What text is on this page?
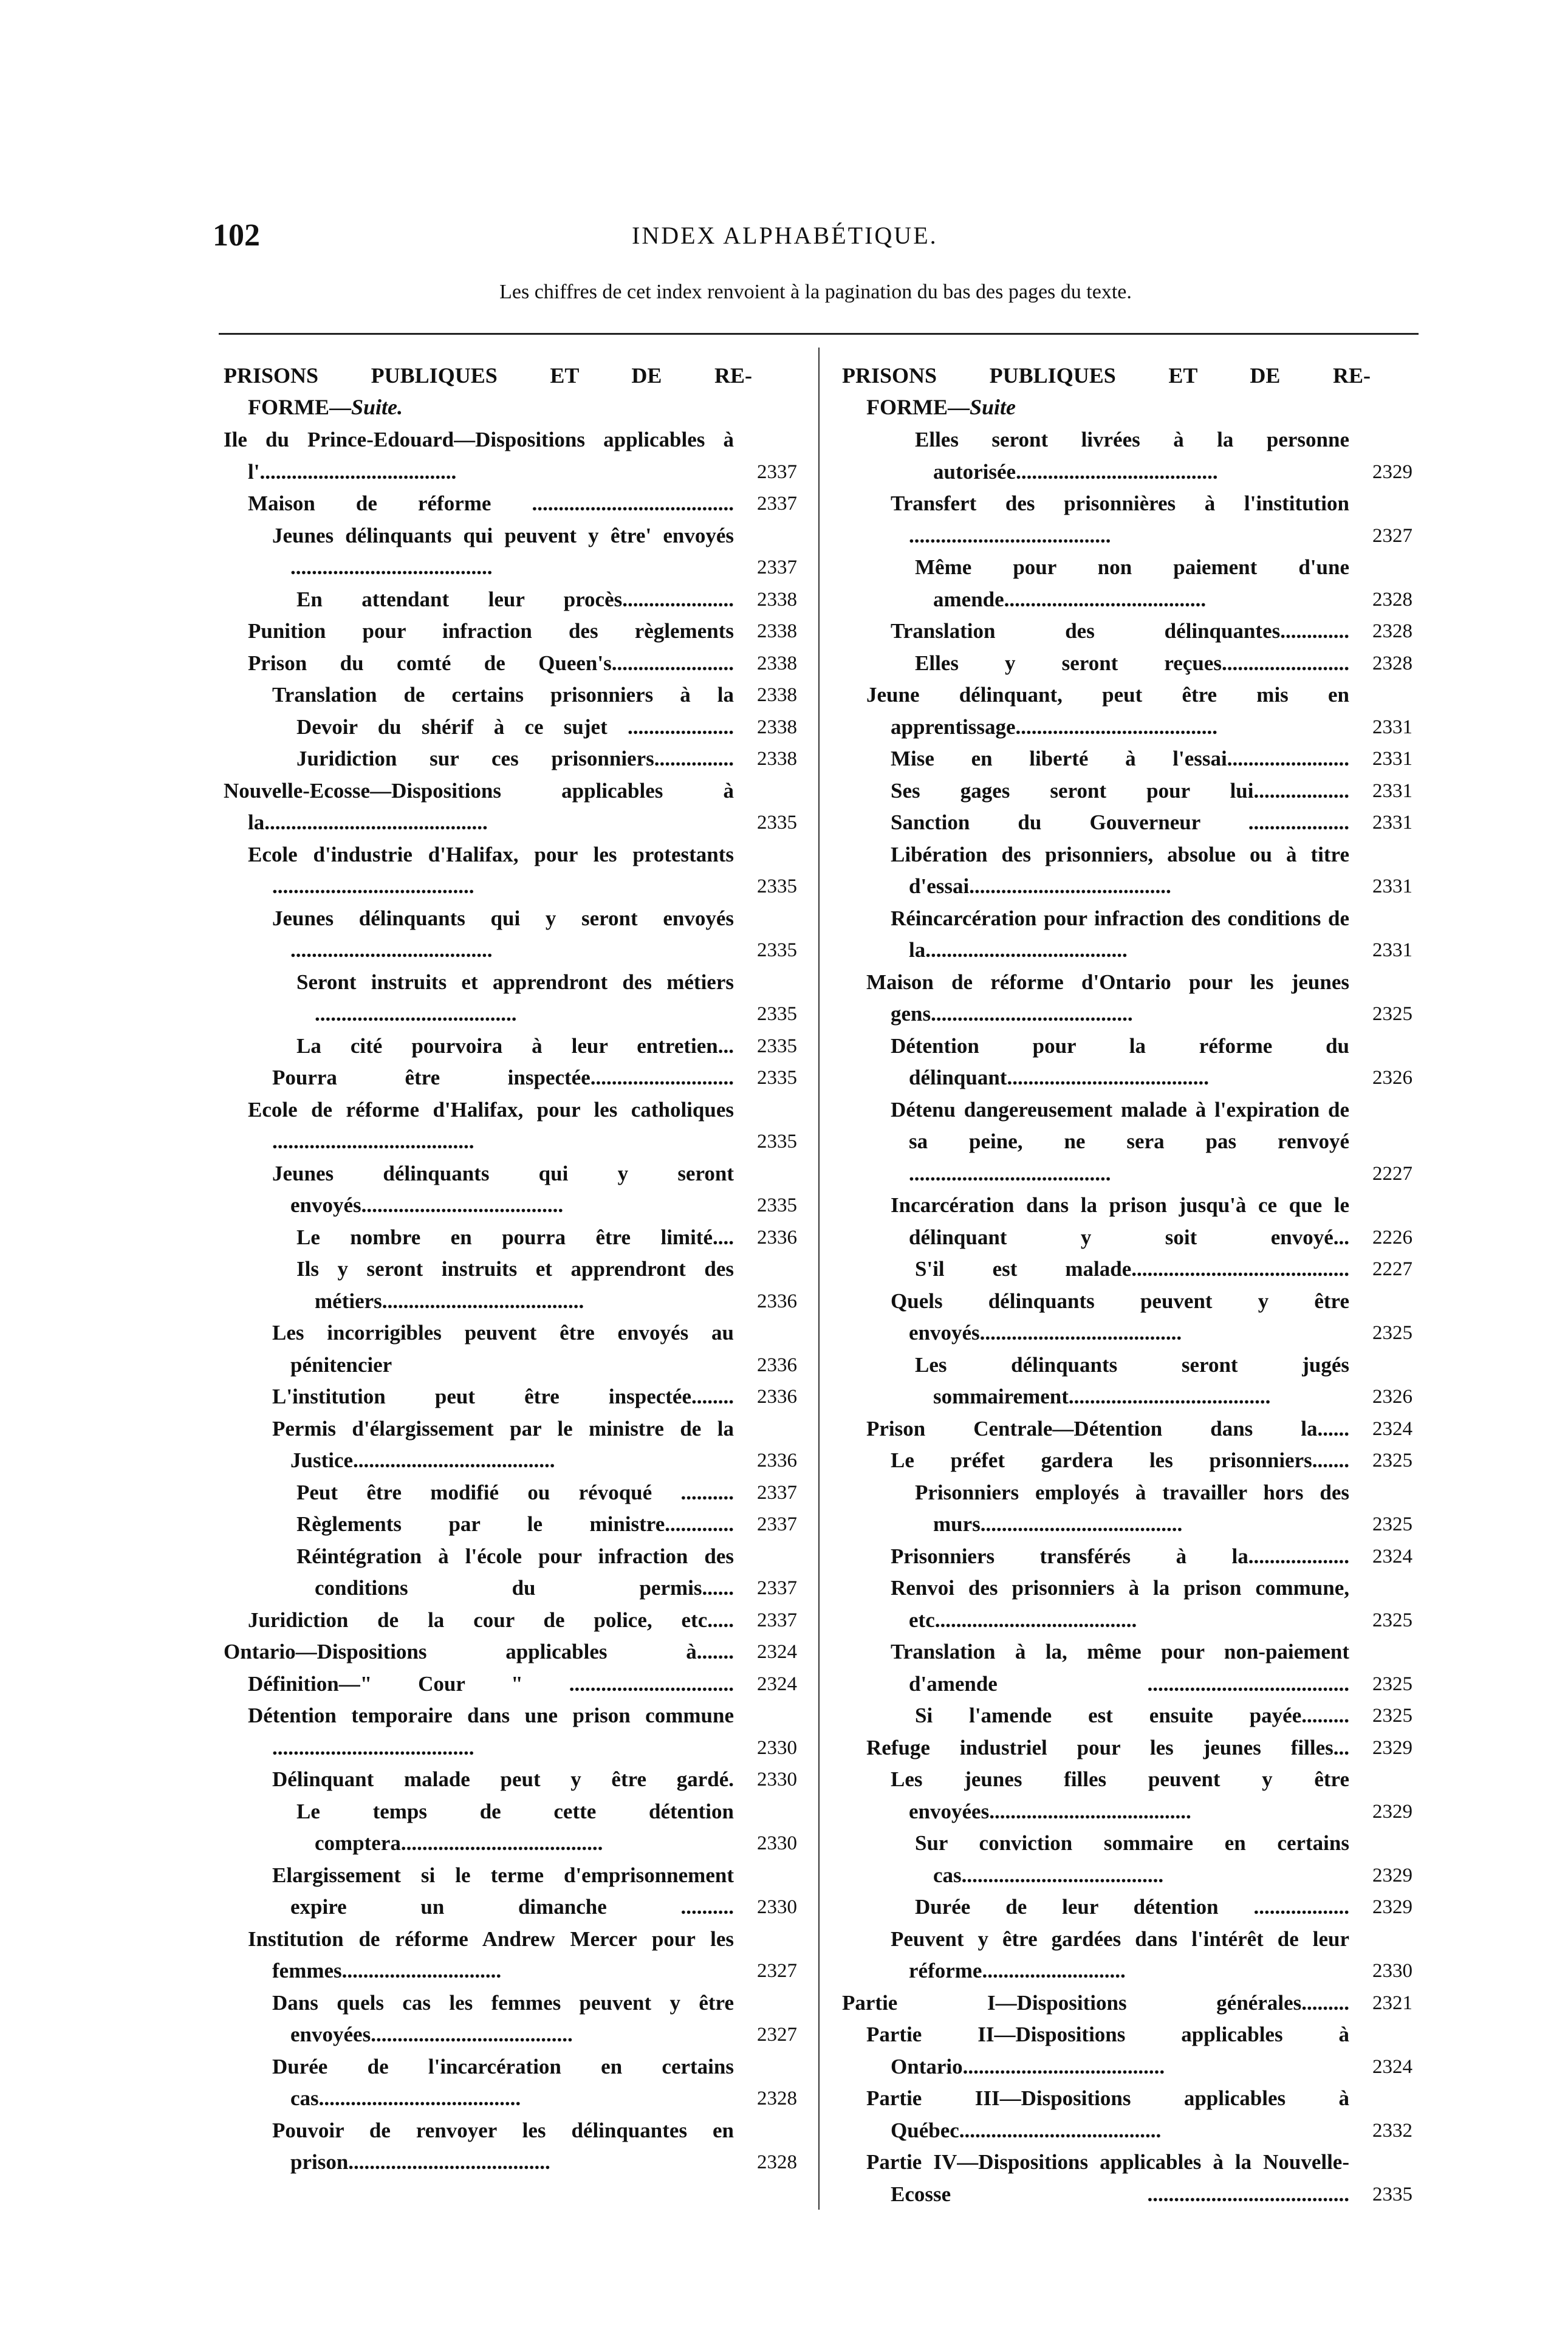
102	INDEX ALPHABÉTIQUE.
Les chiffres de cet index renvoient à la pagination du bas des pages du texte.
PRISONS PUBLIQUES ET DE RE-
FORME—Suite.
Ile du Prince-Edouard—Dispositions applicables à l'.....................................	2337
Maison de réforme ......................................	2337
Jeunes délinquants qui peuvent y être' envoyés ......................................	2337
En attendant leur procès.....................	2338
Punition pour infraction des règlements	2338
Prison du comté de Queen's.......................	2338
Translation de certains prisonniers à la	2338
Devoir du shérif à ce sujet ....................	2338
Juridiction sur ces prisonniers...............	2338
Nouvelle-Ecosse—Dispositions applicables à la..........................................	2335
Ecole d'industrie d'Halifax, pour les protestants ......................................	2335
Jeunes délinquants qui y seront envoyés ......................................	2335
Seront instruits et apprendront des métiers ......................................	2335
La cité pourvoira à leur entretien...	2335
Pourra être inspectée...........................	2335
Ecole de réforme d'Halifax, pour les catholiques ......................................	2335
Jeunes délinquants qui y seront envoyés......................................	2335
Le nombre en pourra être limité....	2336
Ils y seront instruits et apprendront des métiers......................................	2336
Les incorrigibles peuvent être envoyés au pénitencier	2336
L'institution peut être inspectée........	2336
Permis d'élargissement par le ministre de la Justice......................................	2336
Peut être modifié ou révoqué ..........	2337
Règlements par le ministre.............	2337
Réintégration à l'école pour infraction des conditions du permis......	2337
Juridiction de la cour de police, etc.....	2337
Ontario—Dispositions applicables à.......	2324
Définition—" Cour " ...............................	2324
Détention temporaire dans une prison commune ......................................	2330
Délinquant malade peut y être gardé.	2330
Le temps de cette détention comptera......................................	2330
Elargissement si le terme d'emprisonnement expire un dimanche ..........	2330
Institution de réforme Andrew Mercer pour les femmes..............................	2327
Dans quels cas les femmes peuvent y être envoyées......................................	2327
Durée de l'incarcération en certains cas......................................	2328
Pouvoir de renvoyer les délinquantes en prison......................................	2328
PRISONS PUBLIQUES ET DE RE-
FORME—Suite
Elles seront livrées à la personne autorisée......................................	2329
Transfert des prisonnières à l'institution ......................................	2327
Même pour non paiement d'une amende......................................	2328
Translation des délinquantes.............	2328
Elles y seront reçues........................	2328
Jeune délinquant, peut être mis en apprentissage......................................	2331
Mise en liberté à l'essai.......................	2331
Ses gages seront pour lui..................	2331
Sanction du Gouverneur ...................	2331
Libération des prisonniers, absolue ou à titre d'essai......................................	2331
Réincarcération pour infraction des conditions de la......................................	2331
Maison de réforme d'Ontario pour les jeunes gens......................................	2325
Détention pour la réforme du délinquant......................................	2326
Détenu dangereusement malade à l'expiration de sa peine, ne sera pas renvoyé ......................................	2227
Incarcération dans la prison jusqu'à ce que le délinquant y soit envoyé...	2226
S'il est malade.........................................	2227
Quels délinquants peuvent y être envoyés......................................	2325
Les délinquants seront jugés sommairement......................................	2326
Prison Centrale—Détention dans la......	2324
Le préfet gardera les prisonniers.......	2325
Prisonniers employés à travailler hors des murs......................................	2325
Prisonniers transférés à la...................	2324
Renvoi des prisonniers à la prison commune, etc......................................	2325
Translation à la, même pour non-paiement d'amende ......................................	2325
Si l'amende est ensuite payée.........	2325
Refuge industriel pour les jeunes filles...	2329
Les jeunes filles peuvent y être envoyées......................................	2329
Sur conviction sommaire en certains cas......................................	2329
Durée de leur détention ..................	2329
Peuvent y être gardées dans l'intérêt de leur réforme...........................	2330
Partie I—Dispositions générales.........	2321
Partie II—Dispositions applicables à Ontario......................................	2324
Partie III—Dispositions applicables à Québec......................................	2332
Partie IV—Dispositions applicables à la Nouvelle-Ecosse ......................................	2335
